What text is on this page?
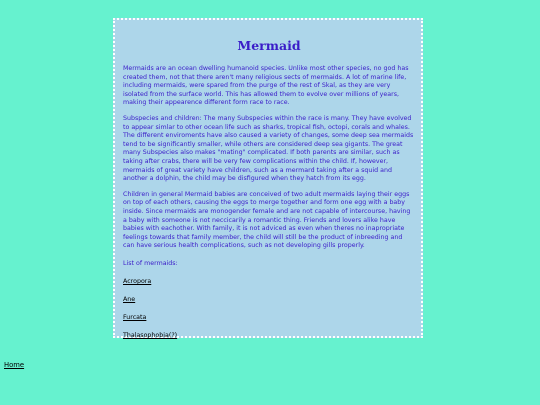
Mermaid

Mermaids are an ocean dwelling humanoid species. Unlike most other species, no god has created them, not that there aren't many religious sects of mermaids. A lot of marine life, including mermaids, were spared from the purge of the rest of Skal, as they are very isolated from the surface world. This has allowed them to evolve over millions of years, making their appearence different form race to race.

Subspecies and children: The many Subspecies within the race is many. They have evolved to appear simlar to other ocean life such as sharks, tropical fish, octopi, corals and whales. The different enviroments have also caused a variety of changes, some deep sea mermaids tend to be significantly smaller, while others are considered deep sea gigants. The great many Subspecies also makes "mating" complicated. If both parents are similar, such as taking after crabs, there will be very few complications within the child. If, however, mermaids of great variety have children, such as a mermard taking after a squid and another a dolphin, the child may be disfigured when they hatch from its egg.

Children in general Mermaid babies are conceived of two adult mermaids laying their eggs on top of each others, causing the eggs to merge together and form one egg with a baby inside. Since mermaids are monogender female and are not capable of intercourse, having a baby with someone is not neccicarily a romantic thing. Friends and lovers alike have babies with eachother. With family, it is not adviced as even when theres no inapropriate feelings towards that family member, the child will still be the product of inbreeding and can have serious health complications, such as not developing gills properly.

List of mermaids:
Acropora
Ane
Furcata
Thalasophobia(?)
Home
